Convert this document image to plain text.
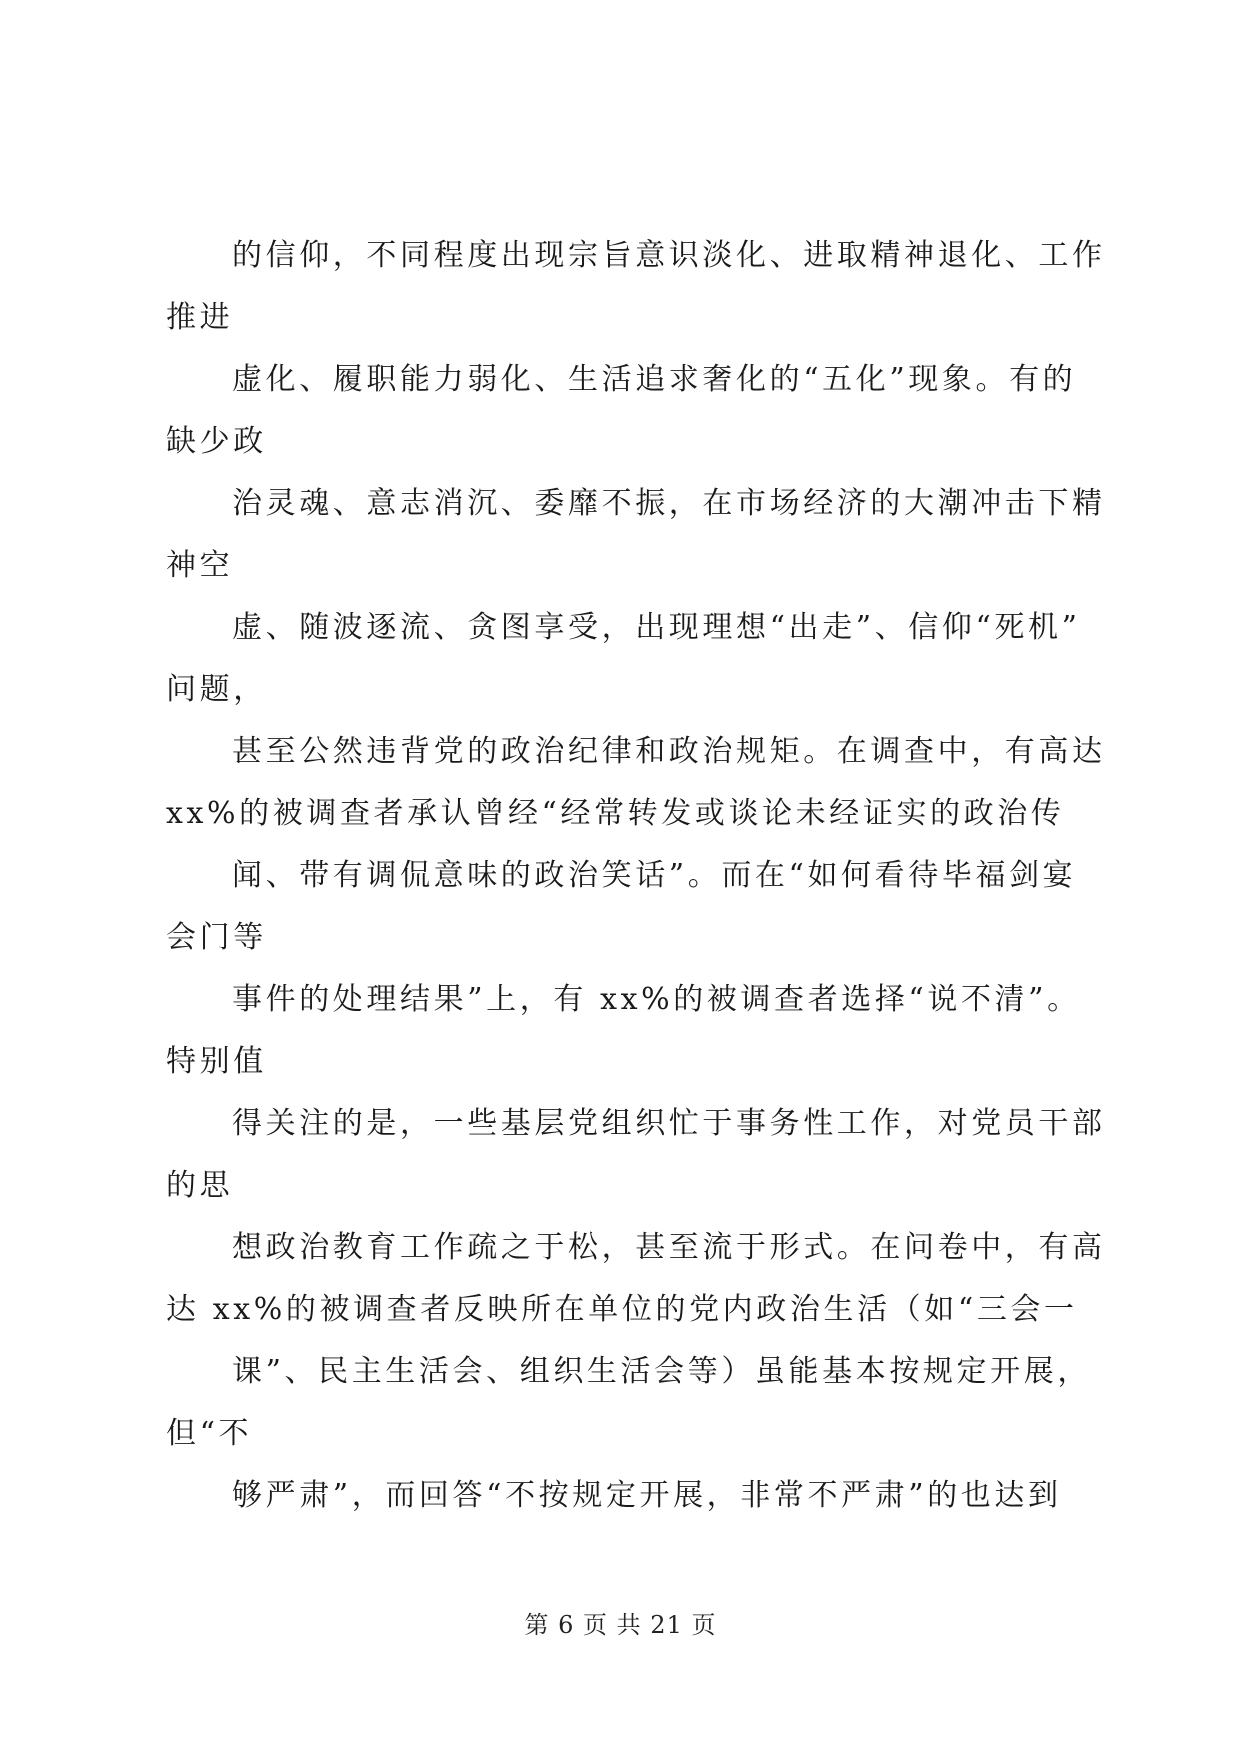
的信仰，不同程度出现宗旨意识淡化、进取精神退化、工作
推进
虚化、履职能力弱化、生活追求奢化的“五化”现象。有的
缺少政
治灵魂、意志消沉、委靡不振，在市场经济的大潮冲击下精
神空
虚、随波逐流、贪图享受，出现理想“出走”、信仰“死机”
问题，
甚至公然违背党的政治纪律和政治规矩。在调查中，有高达
xx%的被调查者承认曾经“经常转发或谈论未经证实的政治传
闻、带有调侃意味的政治笑话”。而在“如何看待毕福剑宴
会门等
事件的处理结果”上，有 xx%的被调查者选择“说不清”。
特别值
得关注的是，一些基层党组织忙于事务性工作，对党员干部
的思
想政治教育工作疏之于松，甚至流于形式。在问卷中，有高
达 xx%的被调查者反映所在单位的党内政治生活（如“三会一
课”、民主生活会、组织生活会等）虽能基本按规定开展，
但“不
够严肃”，而回答“不按规定开展，非常不严肃”的也达到
第 6 页 共 21 页
